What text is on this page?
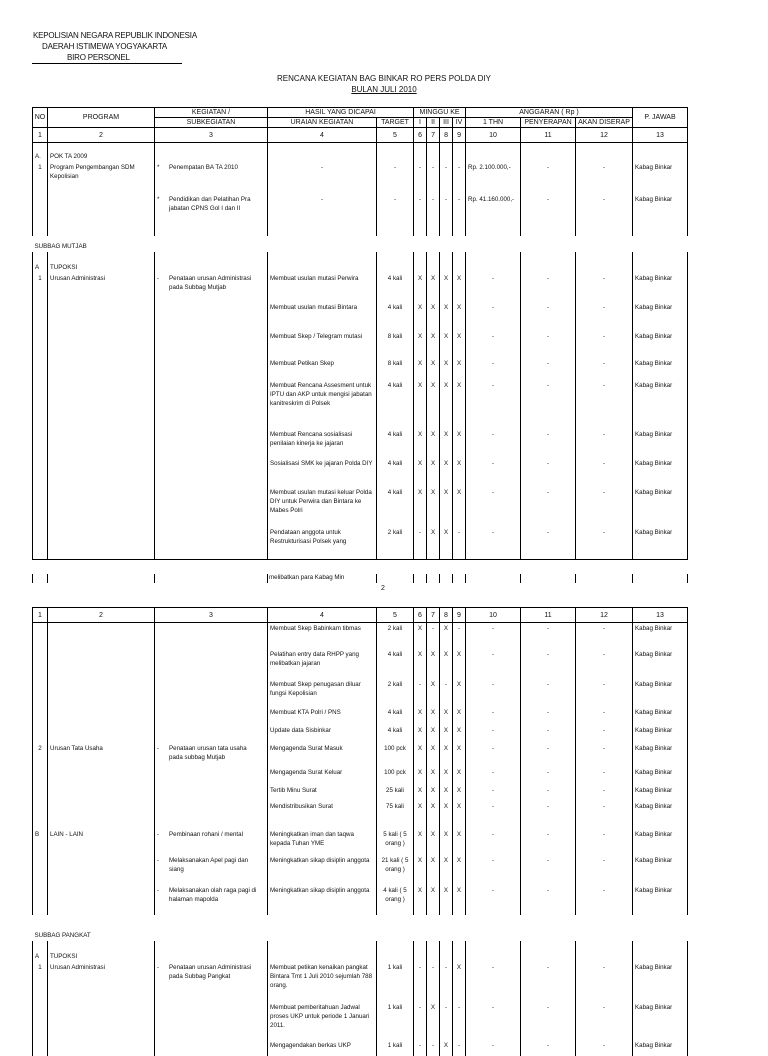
KEPOLISIAN NEGARA REPUBLIK INDONESIA
DAERAH ISTIMEWA YOGYAKARTA
BIRO PERSONEL
RENCANA KEGIATAN BAG BINKAR RO PERS POLDA DIY
BULAN JULI 2010
NO	PROGRAM	KEGIATAN /	HASIL YANG DICAPAI		MINGGU KE				ANGGARAN ( Rp )			P. JAWAB
		SUBKEGIATAN	URAIAN KEGIATAN	TARGET	I	II	III	IV	1 THN	PENYERAPAN	AKAN DISERAP	
1	2	3	4	5	6	7	8	9	10	11	12	13

A.	POK TA 2009											
1	Program Pengembangan SDM Kepolisian	* Penempatan BA TA 2010	-	-	-	-	-	-	Rp. 2.100.000,-	-	-	Kabag Binkar
		* Pendidikan dan Pelatihan Pra jabatan CPNS Gol I dan II	-	-	-	-	-	-	Rp. 41.160.000,-	-	-	Kabag Binkar
SUBBAG MUTJAB												

A	TUPOKSI											
1	Urusan Administrasi	- Penataan urusan Administrasi pada Subbag Mutjab	Membuat usulan mutasi Perwira	4 kali	X	X	X	X	-	-	-	Kabag Binkar
			Membuat usulan mutasi Bintara	4 kali	X	X	X	X	-	-	-	Kabag Binkar
			Membuat Skep / Telegram mutasi	8 kali	X	X	X	X	-	-	-	Kabag Binkar
			Membuat Petikan Skep	8 kali	X	X	X	X	-	-	-	Kabag Binkar
			Membuat Rencana Assesment untuk IPTU dan AKP untuk mengisi jabatan kanitreskrim di Polsek	4 kali	X	X	X	X	-	-	-	Kabag Binkar
			Membuat Rencana sosialisasi penilaian kinerja ke jajaran	4 kali	X	X	X	X	-	-	-	Kabag Binkar
			Sosialisasi SMK ke jajaran Polda DIY	4 kali	X	X	X	X	-	-	-	Kabag Binkar
			Membuat usulan mutasi keluar Polda DIY untuk Perwira dan Bintara ke Mabes Polri	4 kali	X	X	X	X	-	-	-	Kabag Binkar
			Pendataan anggota untuk Restrukturisasi Polsek yang	2 kali	-	X	X	-	-	-	-	Kabag Binkar
melibatkan para Kabag Min
2
1	2	3	4	5	6	7	8	9	10	11	12	13
			Membuat Skep Babinkam tibmas	2 kali	X	-	X	-	-	-	-	Kabag Binkar
			Pelatihan entry data RHPP yang melibatkan jajaran	4 kali	X	X	X	X	-	-	-	Kabag Binkar
			Membuat Skep penugasan diluar fungsi Kepolisian	2 kali	-	X	-	X	-	-	-	Kabag Binkar
			Membuat KTA Polri / PNS	4 kali	X	X	X	X	-	-	-	Kabag Binkar
			Update data Sisbinkar	4 kali	X	X	X	X	-	-	-	Kabag Binkar
2	Urusan Tata Usaha	- Penataan urusan tata usaha pada subbag Mutjab	Mengagenda Surat Masuk	100 pck	X	X	X	X	-	-	-	Kabag Binkar
			Mengagenda Surat Keluar	100 pck	X	X	X	X	-	-	-	Kabag Binkar
			Tertib Minu Surat	25 kali	X	X	X	X	-	-	-	Kabag Binkar
			Mendistribusikan Surat	75 kali	X	X	X	X	-	-	-	Kabag Binkar

B	LAIN - LAIN	- Pembinaan rohani / mental	Meningkatkan iman dan taqwa kepada Tuhan YME	5 kali ( 5 orang )	X	X	X	X	-	-	-	Kabag Binkar
		- Melaksanakan Apel pagi dan siang	Meningkatkan sikap disiplin anggota	21 kali ( 5 orang )	X	X	X	X	-	-	-	Kabag Binkar
		- Melaksanakan olah raga pagi di halaman mapolda	Meningkatkan sikap disiplin anggota	4 kali ( 5 orang )	X	X	X	X	-	-	-	Kabag Binkar
SUBBAG PANGKAT												

A	TUPOKSI											
1	Urusan Administrasi	- Penataan urusan Administrasi pada Subbag Pangkat	Membuat petikan kenaikan pangkat Bintara Tmt 1 Juli 2010 sejumlah 788 orang.	1 kali	-	-	-	X	-	-	-	Kabag Binkar
			Membuat pemberitahuan Jadwal proses UKP untuk periode 1 Januari 2011.	1 kali	-	X	-	-	-	-	-	Kabag Binkar
			Mengagendakan berkas UKP	1 kali	-	-	X	-	-	-	-	Kabag Binkar
